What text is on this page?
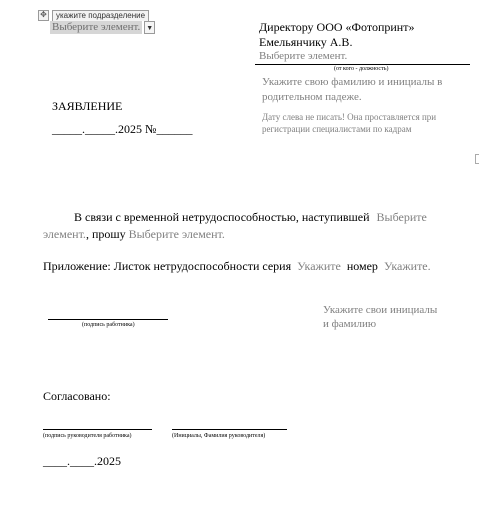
✥	укажите подразделение
Выберите элемент. ▼	Директору ООО «Фотопринт»
Емельянчику А.В.
Выберите элемент.
(от кого - должность)
Укажите свою фамилию и инициалы в
родительном падеже.
Дату слева не писать! Она проставляется при
регистрации специалистами по кадрам
ЗАЯВЛЕНИЕ
_____._____.2025 №______
В связи с временной нетрудоспособностью, наступившей Выберите
элемент., прошу Выберите элемент.
Приложение: Листок нетрудоспособности серия Укажите номер Укажите.
(подпись работника)
Укажите свои инициалы
и фамилию
Согласовано:
(подпись руководителя работника)	(Инициалы, Фамилия руководителя)
____.____.2025
